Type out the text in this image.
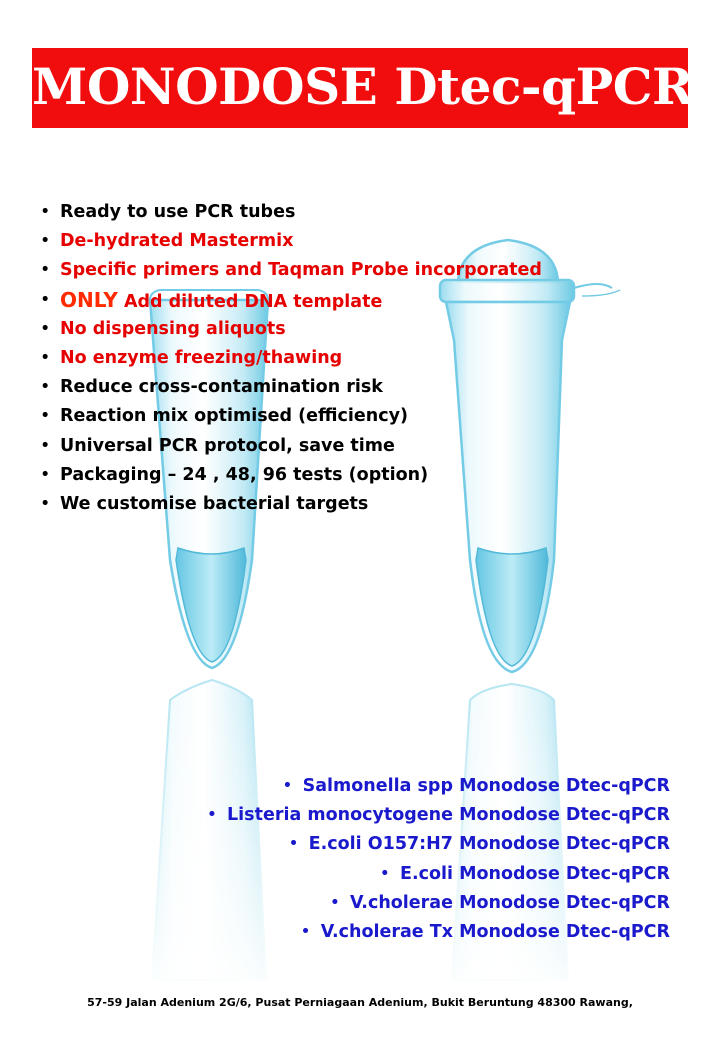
MONODOSE Dtec-qPCR
• Ready to use PCR tubes
• De-hydrated Mastermix
• Specific primers and Taqman Probe incorporated
• ONLY Add diluted DNA template
• No dispensing aliquots
• No enzyme freezing/thawing
• Reduce cross-contamination risk
• Reaction mix optimised (efficiency)
• Universal PCR protocol, save time
• Packaging – 24 , 48, 96 tests (option)
• We customise bacterial targets
• Salmonella spp Monodose Dtec-qPCR
• Listeria monocytogene Monodose Dtec-qPCR
• E.coli O157:H7 Monodose Dtec-qPCR
• E.coli Monodose Dtec-qPCR
• V.cholerae Monodose Dtec-qPCR
• V.cholerae Tx Monodose Dtec-qPCR
57-59 Jalan Adenium 2G/6, Pusat Perniagaan Adenium, Bukit Beruntung 48300 Rawang,
